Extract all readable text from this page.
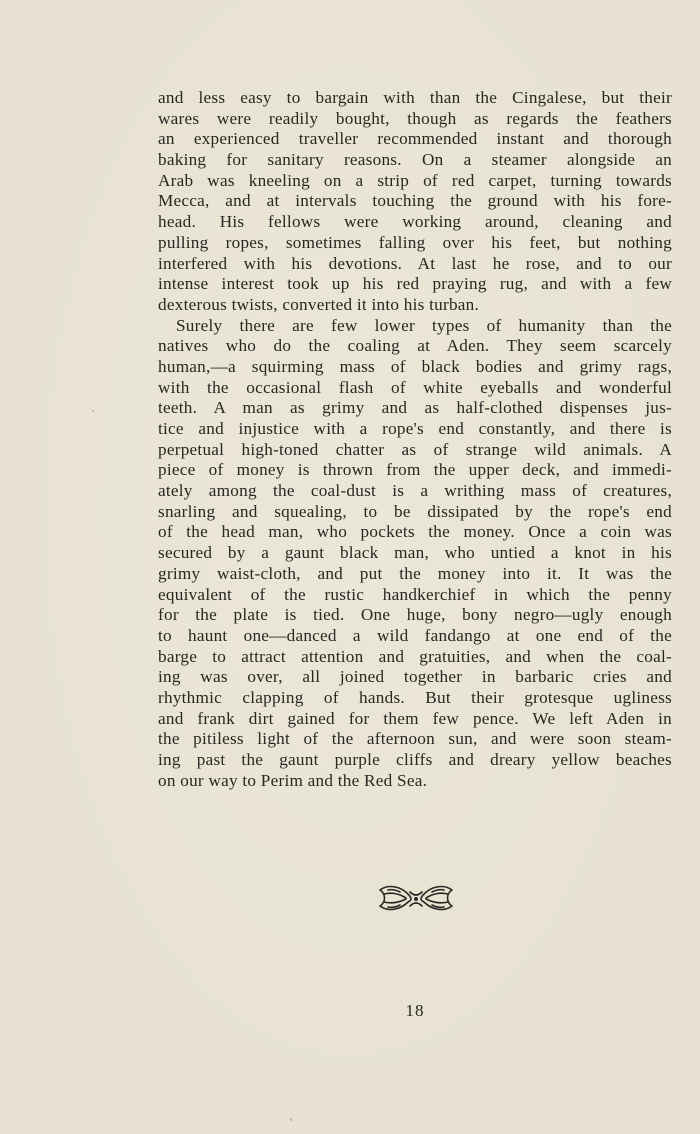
and less easy to bargain with than the Cingalese, but their
wares were readily bought, though as regards the feathers
an experienced traveller recommended instant and thorough
baking for sanitary reasons. On a steamer alongside an
Arab was kneeling on a strip of red carpet, turning towards
Mecca, and at intervals touching the ground with his fore-
head. His fellows were working around, cleaning and
pulling ropes, sometimes falling over his feet, but nothing
interfered with his devotions. At last he rose, and to our
intense interest took up his red praying rug, and with a few
dexterous twists, converted it into his turban.
Surely there are few lower types of humanity than the
natives who do the coaling at Aden. They seem scarcely
human,—a squirming mass of black bodies and grimy rags,
with the occasional flash of white eyeballs and wonderful
teeth. A man as grimy and as half-clothed dispenses jus-
tice and injustice with a rope's end constantly, and there is
perpetual high-toned chatter as of strange wild animals. A
piece of money is thrown from the upper deck, and immedi-
ately among the coal-dust is a writhing mass of creatures,
snarling and squealing, to be dissipated by the rope's end
of the head man, who pockets the money. Once a coin was
secured by a gaunt black man, who untied a knot in his
grimy waist-cloth, and put the money into it. It was the
equivalent of the rustic handkerchief in which the penny
for the plate is tied. One huge, bony negro—ugly enough
to haunt one—danced a wild fandango at one end of the
barge to attract attention and gratuities, and when the coal-
ing was over, all joined together in barbaric cries and
rhythmic clapping of hands. But their grotesque ugliness
and frank dirt gained for them few pence. We left Aden in
the pitiless light of the afternoon sun, and were soon steam-
ing past the gaunt purple cliffs and dreary yellow beaches
on our way to Perim and the Red Sea.
18
